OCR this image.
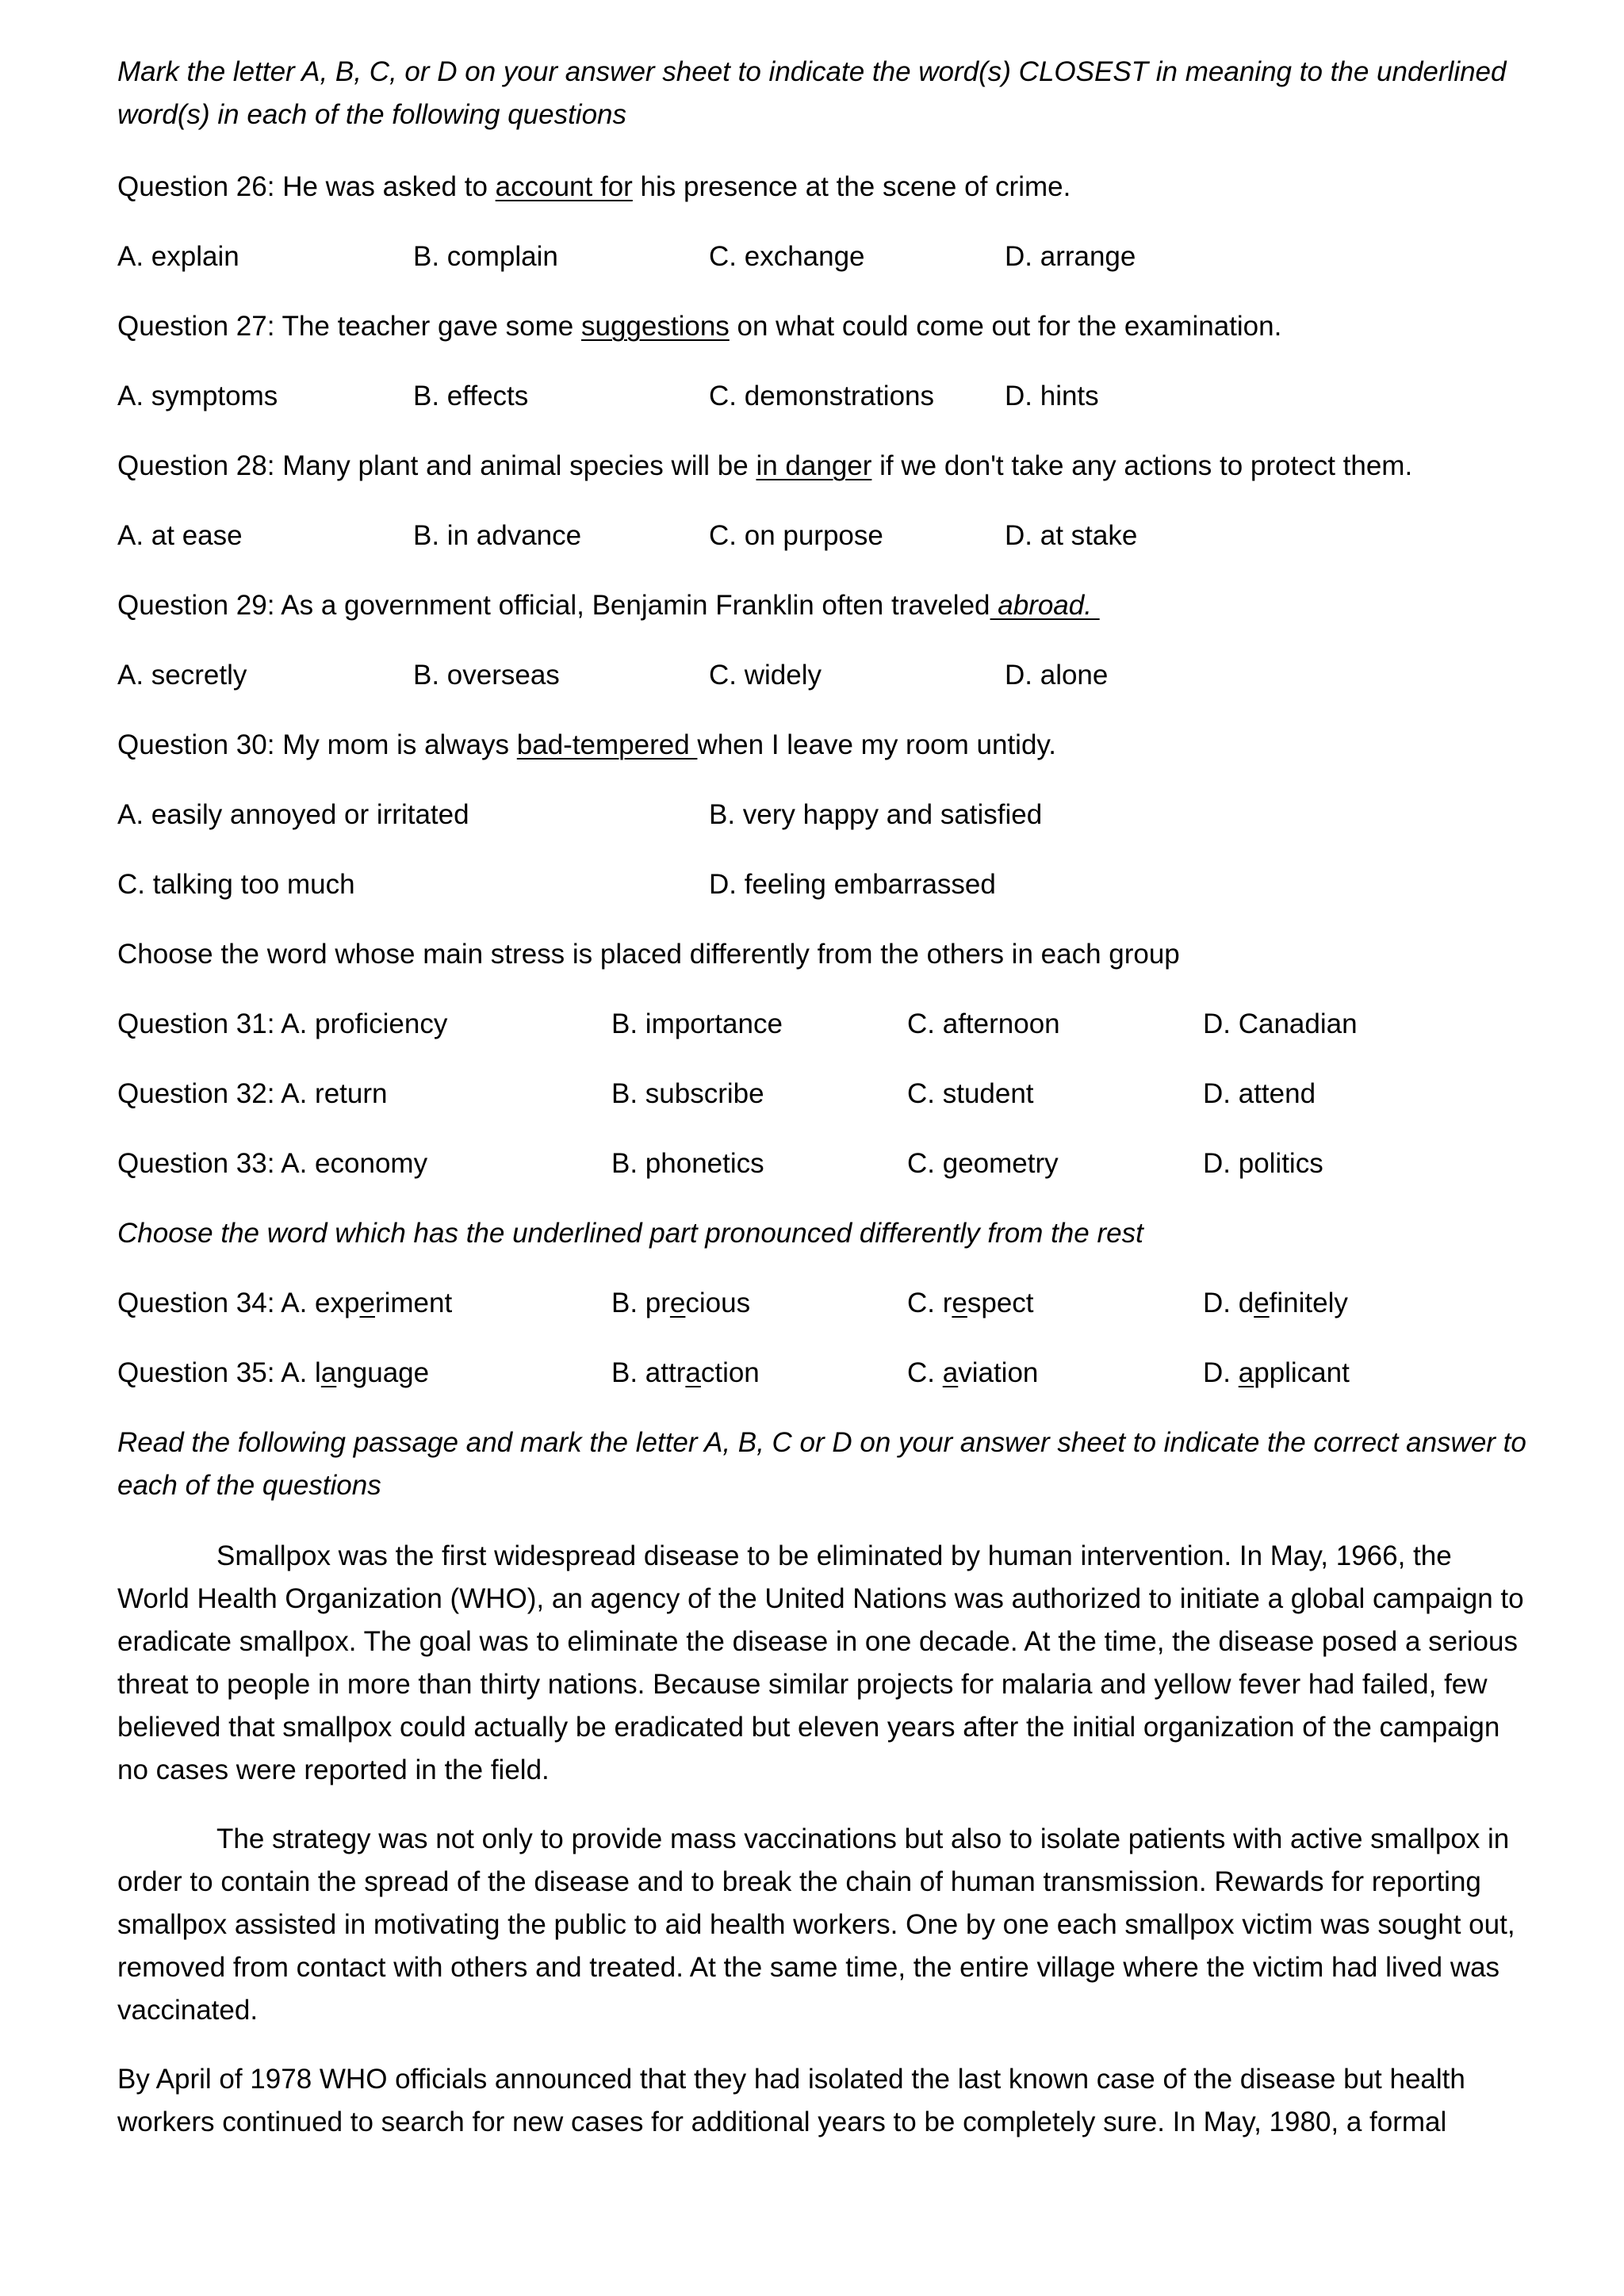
Mark the letter A, B, C, or D on your answer sheet to indicate the word(s) CLOSEST in meaning to the underlined
word(s) in each of the following questions
Question 26: He was asked to account for his presence at the scene of crime.
A. explain	B. complain	C. exchange	D. arrange
Question 27: The teacher gave some suggestions on what could come out for the examination.
A. symptoms	B. effects	C. demonstrations	D. hints
Question 28: Many plant and animal species will be in danger if we don't take any actions to protect them.
A. at ease	B. in advance	C. on purpose	D. at stake
Question 29: As a government official, Benjamin Franklin often traveled abroad.
A. secretly	B. overseas	C. widely	D. alone
Question 30: My mom is always bad-tempered when I leave my room untidy.
A. easily annoyed or irritated	B. very happy and satisfied
C. talking too much	D. feeling embarrassed
Choose the word whose main stress is placed differently from the others in each group
Question 31: A. proficiency	B. importance	C. afternoon	D. Canadian
Question 32: A. return	B. subscribe	C. student	D. attend
Question 33: A. economy	B. phonetics	C. geometry	D. politics
Choose the word which has the underlined part pronounced differently from the rest
Question 34: A. experiment	B. precious	C. respect	D. definitely
Question 35: A. language	B. attraction	C. aviation	D. applicant
Read the following passage and mark the letter A, B, C or D on your answer sheet to indicate the correct answer to
each of the questions
Smallpox was the first widespread disease to be eliminated by human intervention. In May, 1966, the World Health Organization (WHO), an agency of the United Nations was authorized to initiate a global campaign to eradicate smallpox. The goal was to eliminate the disease in one decade. At the time, the disease posed a serious threat to people in more than thirty nations. Because similar projects for malaria and yellow fever had failed, few believed that smallpox could actually be eradicated but eleven years after the initial organization of the campaign no cases were reported in the field.
The strategy was not only to provide mass vaccinations but also to isolate patients with active smallpox in order to contain the spread of the disease and to break the chain of human transmission. Rewards for reporting smallpox assisted in motivating the public to aid health workers. One by one each smallpox victim was sought out, removed from contact with others and treated. At the same time, the entire village where the victim had lived was vaccinated.
By April of 1978 WHO officials announced that they had isolated the last known case of the disease but health workers continued to search for new cases for additional years to be completely sure. In May, 1980, a formal
